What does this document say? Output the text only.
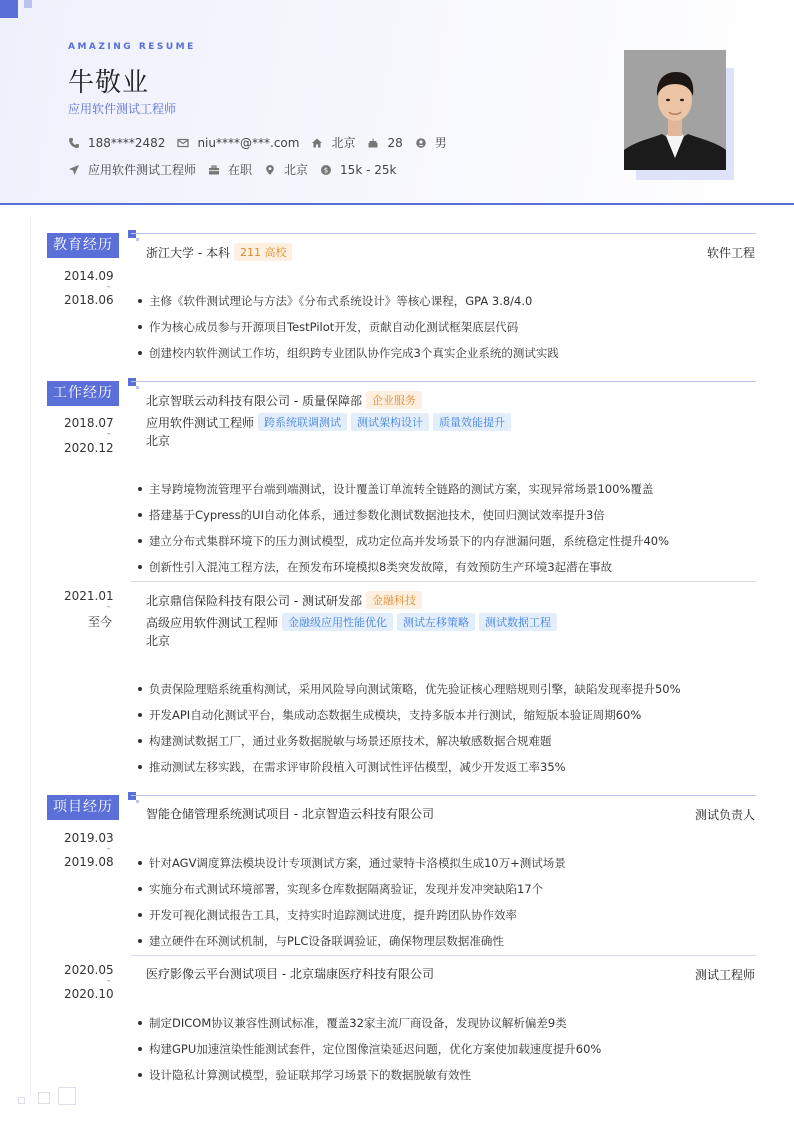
AMAZING RESUME
牛敬业
应用软件测试工程师
188****2482	niu****@***.com	北京	28	男
应用软件测试工程师	在职	北京 $ 15k - 25k
教育经历	浙江大学 - 本科 211 高校	软件工程
2014.09
-
2018.06	主修《软件测试理论与方法》《分布式系统设计》等核心课程，GPA 3.8/4.0
作为核心成员参与开源项目TestPilot开发，贡献自动化测试框架底层代码
创建校内软件测试工作坊，组织跨专业团队协作完成3个真实企业系统的测试实践
工作经历	北京智联云动科技有限公司 - 质量保障部 企业服务
应用软件测试工程师 跨系统联调测试	测试架构设计	质量效能提升
北京
2018.07
-
2020.12
主导跨境物流管理平台端到端测试，设计覆盖订单流转全链路的测试方案，实现异常场景100%覆盖
搭建基于Cypress的UI自动化体系，通过参数化测试数据池技术，使回归测试效率提升3倍
建立分布式集群环境下的压力测试模型，成功定位高并发场景下的内存泄漏问题，系统稳定性提升40%
创新性引入混沌工程方法，在预发布环境模拟8类突发故障，有效预防生产环境3起潜在事故
北京鼎信保险科技有限公司 - 测试研发部 金融科技
高级应用软件测试工程师 金融级应用性能优化	测试左移策略	测试数据工程
北京
2021.01
-
至今
负责保险理赔系统重构测试，采用风险导向测试策略，优先验证核心理赔规则引擎，缺陷发现率提升50%
开发API自动化测试平台，集成动态数据生成模块，支持多版本并行测试，缩短版本验证周期60%
构建测试数据工厂，通过业务数据脱敏与场景还原技术，解决敏感数据合规难题
推动测试左移实践，在需求评审阶段植入可测试性评估模型，减少开发返工率35%
项目经历	智能仓储管理系统测试项目 - 北京智造云科技有限公司	测试负责人
2019.03
-
2019.08	针对AGV调度算法模块设计专项测试方案，通过蒙特卡洛模拟生成10万+测试场景
实施分布式测试环境部署，实现多仓库数据隔离验证，发现并发冲突缺陷17个
开发可视化测试报告工具，支持实时追踪测试进度，提升跨团队协作效率
建立硬件在环测试机制，与PLC设备联调验证，确保物理层数据准确性
医疗影像云平台测试项目 - 北京瑞康医疗科技有限公司	测试工程师
2020.05
-
2020.10
制定DICOM协议兼容性测试标准，覆盖32家主流厂商设备，发现协议解析偏差9类
构建GPU加速渲染性能测试套件，定位图像渲染延迟问题，优化方案使加载速度提升60%
设计隐私计算测试模型，验证联邦学习场景下的数据脱敏有效性
